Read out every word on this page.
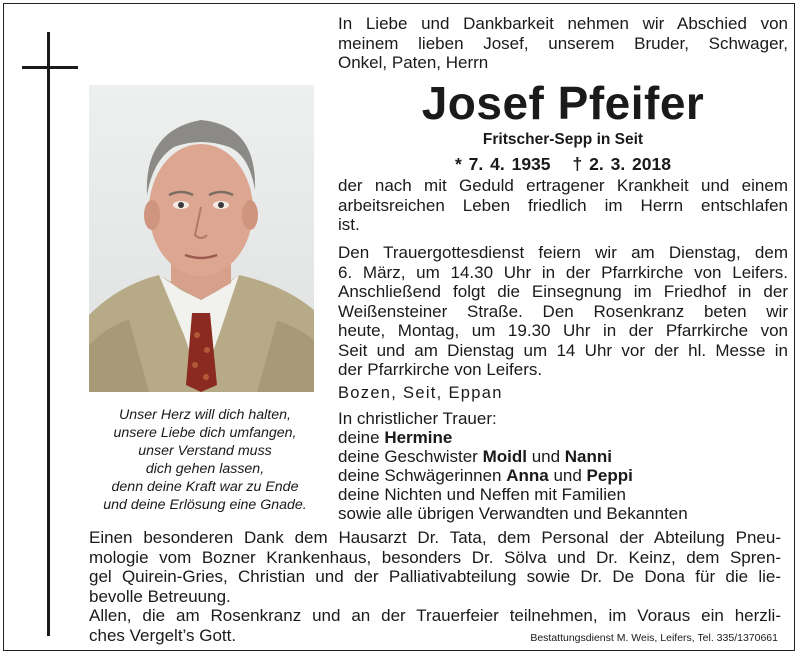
Unser Herz will dich halten,
unsere Liebe dich umfangen,
unser Verstand muss
dich gehen lassen,
denn deine Kraft war zu Ende
und deine Erlösung eine Gnade.
In Liebe und Dankbarkeit nehmen wir Abschied von
meinem lieben Josef, unserem Bruder, Schwager,
Onkel, Paten, Herrn
Josef Pfeifer
Fritscher-Sepp in Seit
* 7. 4. 1935 † 2. 3. 2018
der nach mit Geduld ertragener Krankheit und einem
arbeitsreichen Leben friedlich im Herrn entschlafen
ist.
Den Trauergottesdienst feiern wir am Dienstag, dem
6. März, um 14.30 Uhr in der Pfarrkirche von Leifers.
Anschließend folgt die Einsegnung im Friedhof in der
Weißensteiner Straße. Den Rosenkranz beten wir
heute, Montag, um 19.30 Uhr in der Pfarrkirche von
Seit und am Dienstag um 14 Uhr vor der hl. Messe in
der Pfarrkirche von Leifers.
Bozen, Seit, Eppan
In christlicher Trauer:
deine Hermine
deine Geschwister Moidl und Nanni
deine Schwägerinnen Anna und Peppi
deine Nichten und Neffen mit Familien
sowie alle übrigen Verwandten und Bekannten
Einen besonderen Dank dem Hausarzt Dr. Tata, dem Personal der Abteilung Pneu-
mologie vom Bozner Krankenhaus, besonders Dr. Sölva und Dr. Keinz, dem Spren-
gel Quirein-Gries, Christian und der Palliativabteilung sowie Dr. De Dona für die lie-
bevolle Betreuung.
Allen, die am Rosenkranz und an der Trauerfeier teilnehmen, im Voraus ein herzli-
ches Vergelt’s Gott.	Bestattungsdienst M. Weis, Leifers, Tel. 335/1370661
